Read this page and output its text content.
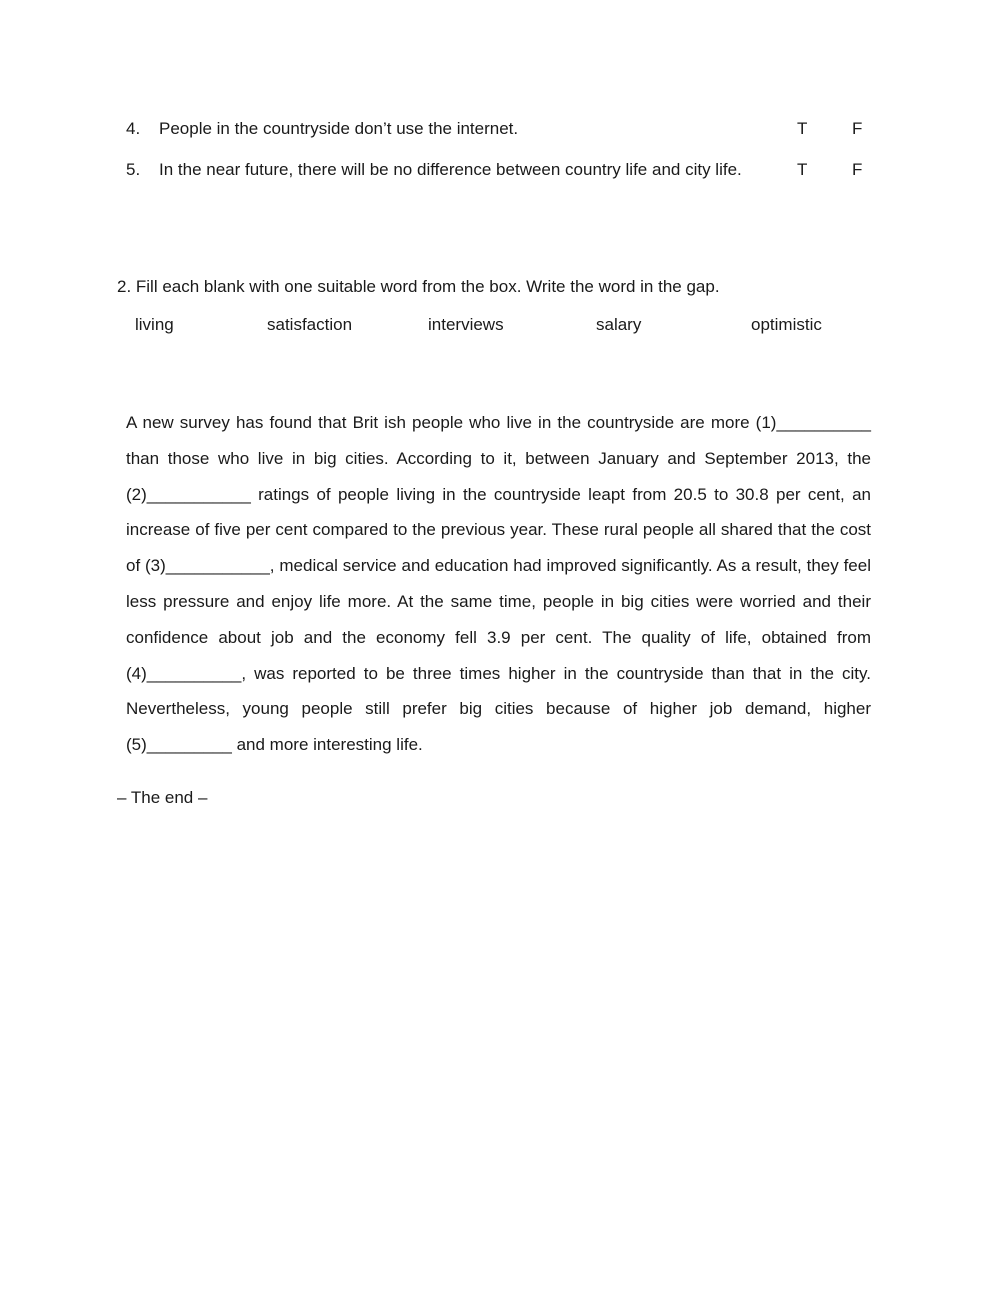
4. People in the countryside don’t use the internet.	T	F
5. In the near future, there will be no difference between country life and city life.	T	F
2. Fill each blank with one suitable word from the box. Write the word in the gap.
living	satisfaction	interviews	salary	optimistic

A new survey has found that Brit ish people who live in the countryside are more (1)__________ than those who live in big cities. According to it, between January and September 2013, the (2)___________ ratings of people living in the countryside leapt from 20.5 to 30.8 per cent, an increase of five per cent compared to the previous year. These rural people all shared that the cost of (3)___________, medical service and education had improved significantly. As a result, they feel less pressure and enjoy life more. At the same time, people in big cities were worried and their confidence about job and the economy fell 3.9 per cent. The quality of life, obtained from (4)__________, was reported to be three times higher in the countryside than that in the city. Nevertheless, young people still prefer big cities because of higher job demand, higher (5)_________ and more interesting life.

– The end –
